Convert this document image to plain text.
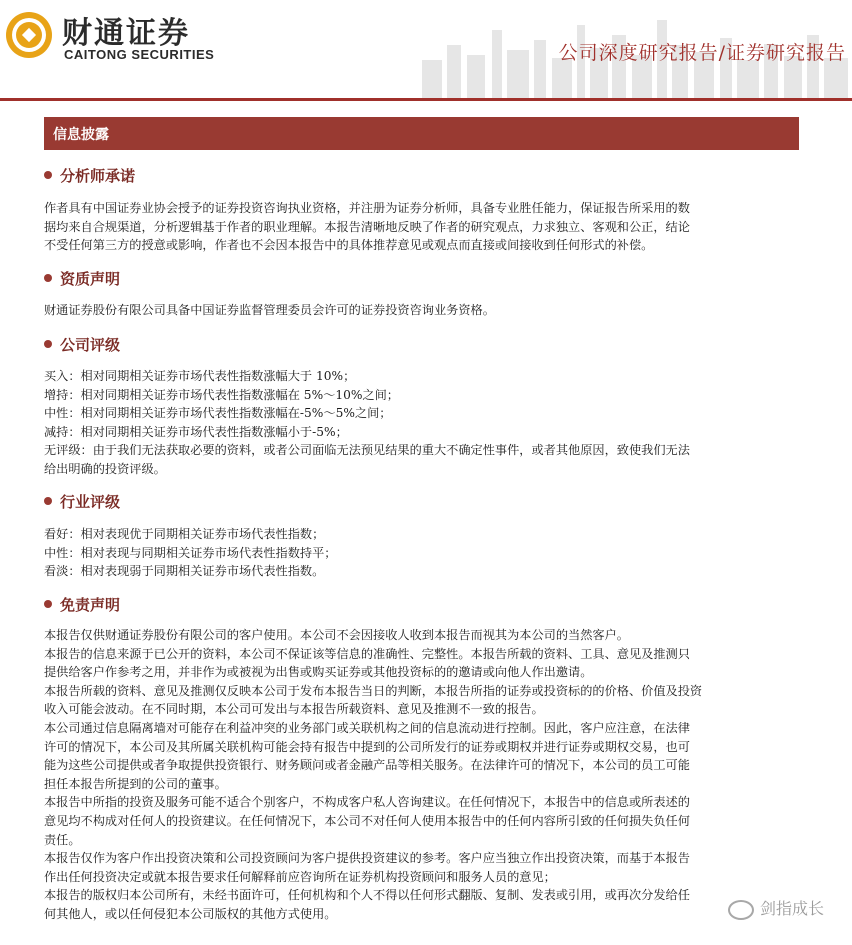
财通证券
CAITONG SECURITIES	公司深度研究报告/证券研究报告
信息披露
分析师承诺
作者具有中国证券业协会授予的证券投资咨询执业资格，并注册为证券分析师，具备专业胜任能力，保证报告所采用的数
据均来自合规渠道，分析逻辑基于作者的职业理解。本报告清晰地反映了作者的研究观点，力求独立、客观和公正，结论
不受任何第三方的授意或影响，作者也不会因本报告中的具体推荐意见或观点而直接或间接收到任何形式的补偿。
资质声明
财通证券股份有限公司具备中国证券监督管理委员会许可的证券投资咨询业务资格。
公司评级
买入：相对同期相关证券市场代表性指数涨幅大于 10%；
增持：相对同期相关证券市场代表性指数涨幅在 5%～10%之间；
中性：相对同期相关证券市场代表性指数涨幅在-5%～5%之间；
减持：相对同期相关证券市场代表性指数涨幅小于-5%；
无评级：由于我们无法获取必要的资料，或者公司面临无法预见结果的重大不确定性事件，或者其他原因，致使我们无法
给出明确的投资评级。
行业评级
看好：相对表现优于同期相关证券市场代表性指数；
中性：相对表现与同期相关证券市场代表性指数持平；
看淡：相对表现弱于同期相关证券市场代表性指数。
免责声明
本报告仅供财通证券股份有限公司的客户使用。本公司不会因接收人收到本报告而视其为本公司的当然客户。
本报告的信息来源于已公开的资料，本公司不保证该等信息的准确性、完整性。本报告所载的资料、工具、意见及推测只
提供给客户作参考之用，并非作为或被视为出售或购买证券或其他投资标的的邀请或向他人作出邀请。
本报告所载的资料、意见及推测仅反映本公司于发布本报告当日的判断，本报告所指的证券或投资标的的价格、价值及投资
收入可能会波动。在不同时期，本公司可发出与本报告所载资料、意见及推测不一致的报告。
本公司通过信息隔离墙对可能存在利益冲突的业务部门或关联机构之间的信息流动进行控制。因此，客户应注意，在法律
许可的情况下，本公司及其所属关联机构可能会持有报告中提到的公司所发行的证券或期权并进行证券或期权交易，也可
能为这些公司提供或者争取提供投资银行、财务顾问或者金融产品等相关服务。在法律许可的情况下，本公司的员工可能
担任本报告所提到的公司的董事。
本报告中所指的投资及服务可能不适合个别客户，不构成客户私人咨询建议。在任何情况下，本报告中的信息或所表述的
意见均不构成对任何人的投资建议。在任何情况下，本公司不对任何人使用本报告中的任何内容所引致的任何损失负任何
责任。
本报告仅作为客户作出投资决策和公司投资顾问为客户提供投资建议的参考。客户应当独立作出投资决策，而基于本报告
作出任何投资决定或就本报告要求任何解释前应咨询所在证券机构投资顾问和服务人员的意见；
本报告的版权归本公司所有，未经书面许可，任何机构和个人不得以任何形式翻版、复制、发表或引用，或再次分发给任
何其他人，或以任何侵犯本公司版权的其他方式使用。	剑指成长
